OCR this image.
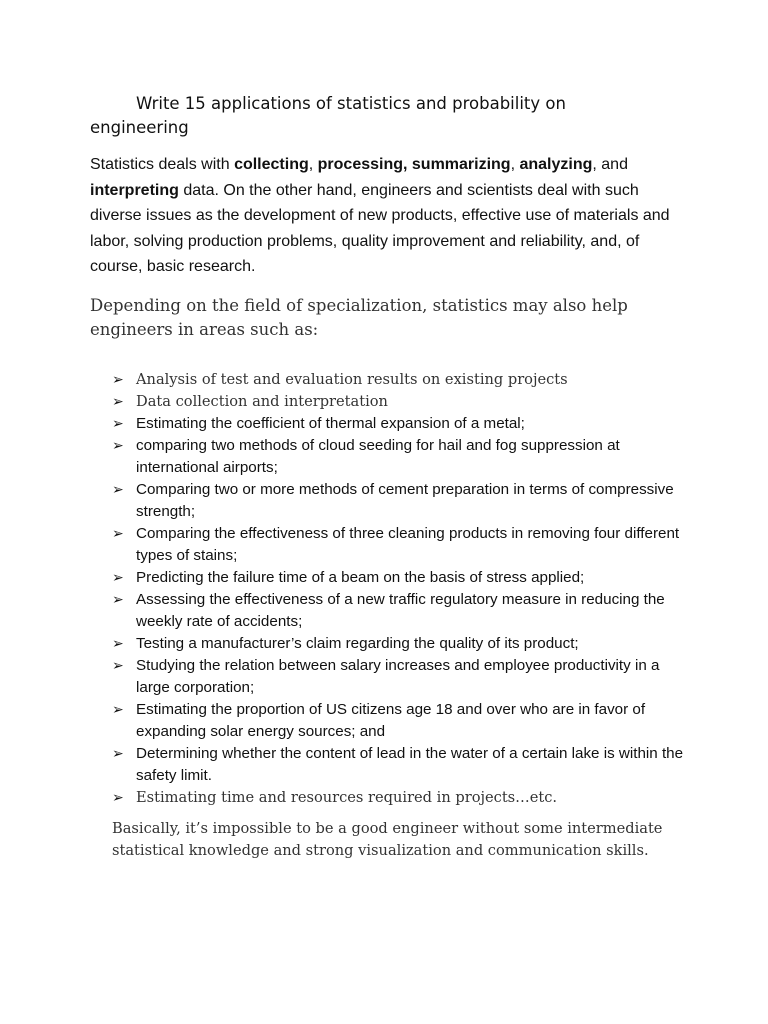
Write 15 applications of statistics and probability on engineering

Statistics deals with collecting, processing, summarizing, analyzing, and interpreting data. On the other hand, engineers and scientists deal with such diverse issues as the development of new products, effective use of materials and labor, solving production problems, quality improvement and reliability, and, of course, basic research.

Depending on the field of specialization, statistics may also help engineers in areas such as:

➢ Analysis of test and evaluation results on existing projects
➢ Data collection and interpretation
➢ Estimating the coefficient of thermal expansion of a metal;
➢ comparing two methods of cloud seeding for hail and fog suppression at international airports;
➢ Comparing two or more methods of cement preparation in terms of compressive strength;
➢ Comparing the effectiveness of three cleaning products in removing four different types of stains;
➢ Predicting the failure time of a beam on the basis of stress applied;
➢ Assessing the effectiveness of a new traffic regulatory measure in reducing the weekly rate of accidents;
➢ Testing a manufacturer’s claim regarding the quality of its product;
➢ Studying the relation between salary increases and employee productivity in a large corporation;
➢ Estimating the proportion of US citizens age 18 and over who are in favor of expanding solar energy sources; and
➢ Determining whether the content of lead in the water of a certain lake is within the safety limit.
➢ Estimating time and resources required in projects…etc.

Basically, it’s impossible to be a good engineer without some intermediate statistical knowledge and strong visualization and communication skills.
